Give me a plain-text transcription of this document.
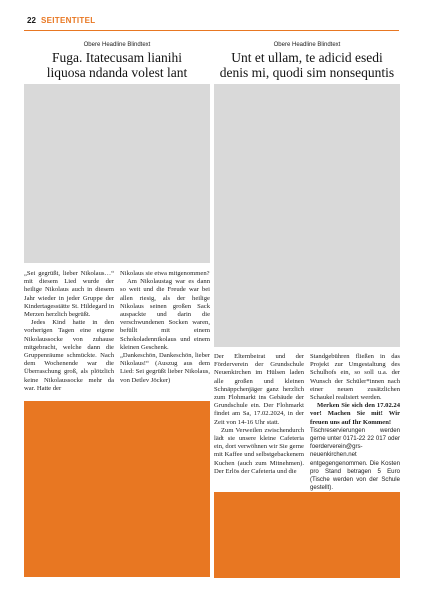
22 SEITENTITEL
Obere Headline Blindtext
Fuga. Itatecusam lianihi
liquosa ndanda volest lant

„Sei gegrüßt, lieber Nikolaus…“ mit diesem Lied wurde der heilige Nikolaus auch in diesem Jahr wieder in jeder Gruppe der Kindertagesstätte St. Hildegard in Merzen herzlich begrüßt.

Jedes Kind hatte in den vorherigen Tagen eine eigene Nikolaussocke von zuhause mitgebracht, welche dann die Gruppenräume schmückte. Nach dem Wochenende war die Überraschung groß, als plötzlich keine Nikolaussocke mehr da war. Hatte der

Nikolaus sie etwa mitgenommen?

Am Nikolaustag war es dann so weit und die Freude war bei allen riesig, als der heilige Nikolaus seinen großen Sack auspackte und darin die verschwundenen Socken waren, befüllt mit einem Schokoladennikolaus und einem kleinen Geschenk.

„Dankeschön, Dankeschön, lieber Nikolaus!“ (Auszug aus dem Lied: Sei gegrüßt lieber Nikolaus, von Detlev Jöcker)

Obere Headline Blindtext
Unt et ullam, te adicid esedi
denis mi, quodi sim nonsequntis

Der Elternbeirat und der Förderverein der Grundschule Neuenkirchen im Hülsen laden alle großen und kleinen Schnäppchenjäger ganz herzlich zum Flohmarkt ins Gebäude der Grundschule ein. Der Flohmarkt findet am Sa, 17.02.2024, in der Zeit von 14-16 Uhr statt.

Zum Verweilen zwischendurch lädt sie unsere kleine Cafeteria ein, dort verwöhnen wir Sie gerne mit Kaffee und selbstgebackenem Kuchen (auch zum Mitnehmen). Der Erlös der Cafeteria und die

Standgebühren fließen in das Projekt zur Umgestaltung des Schulhofs ein, so soll u.a. der Wunsch der Schüler*innen nach einer neuen zusätzlichen Schaukel realisiert werden.

Merken Sie sich den 17.02.24 vor! Machen Sie mit! Wir freuen uns auf Ihr Kommen!

Tischreservierungen werden gerne unter 0171-22 22 017 oder foerderverein@grs-neuenkirchen.net entgegengenommen. Die Kosten pro Stand betragen 5 Euro (Tische werden von der Schule gestellt).
